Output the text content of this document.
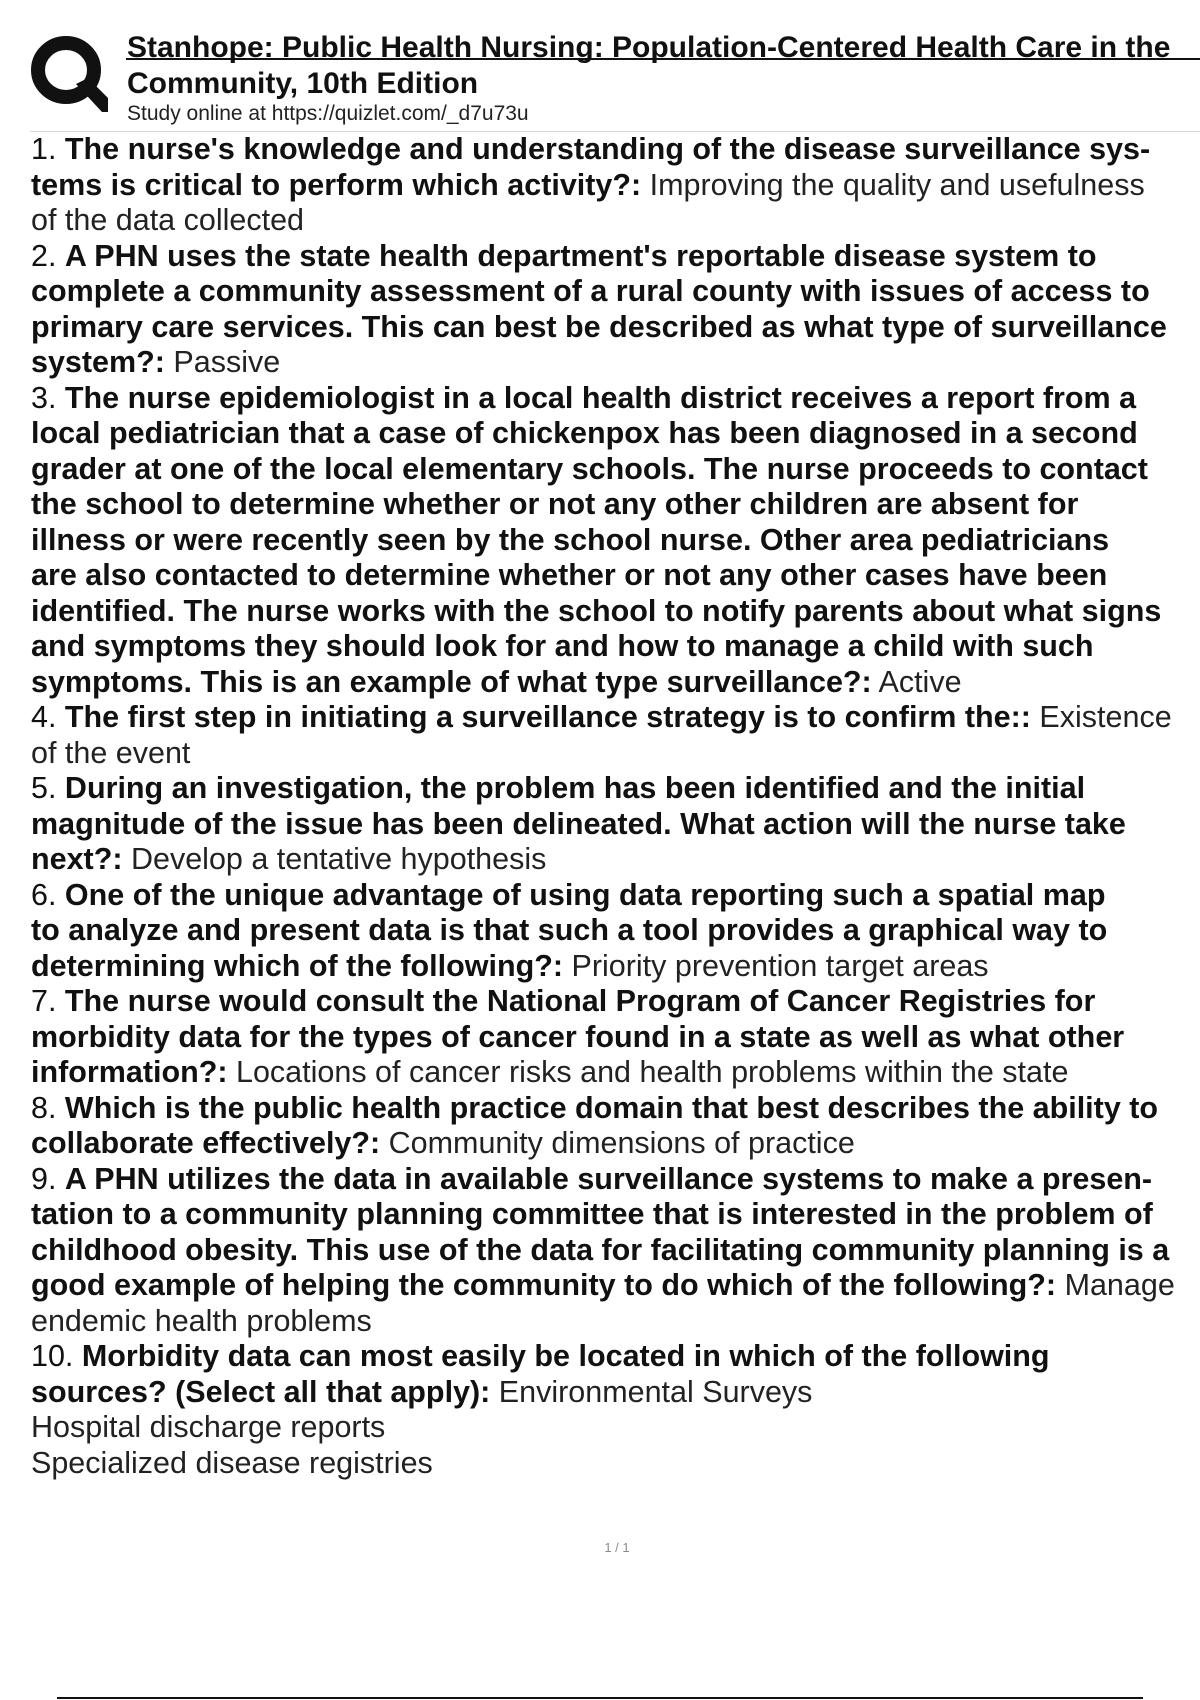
Stanhope: Public Health Nursing: Population-Centered Health Care in the
Community, 10th Edition
Study online at https://quizlet.com/_d7u73u
1. The nurse's knowledge and understanding of the disease surveillance sys-
tems is critical to perform which activity?: Improving the quality and usefulness
of the data collected
2. A PHN uses the state health department's reportable disease system to
complete a community assessment of a rural county with issues of access to
primary care services. This can best be described as what type of surveillance
system?: Passive
3. The nurse epidemiologist in a local health district receives a report from a
local pediatrician that a case of chickenpox has been diagnosed in a second
grader at one of the local elementary schools. The nurse proceeds to contact
the school to determine whether or not any other children are absent for
illness or were recently seen by the school nurse. Other area pediatricians
are also contacted to determine whether or not any other cases have been
identified. The nurse works with the school to notify parents about what signs
and symptoms they should look for and how to manage a child with such
symptoms. This is an example of what type surveillance?: Active
4. The first step in initiating a surveillance strategy is to confirm the:: Existence
of the event
5. During an investigation, the problem has been identified and the initial
magnitude of the issue has been delineated. What action will the nurse take
next?: Develop a tentative hypothesis
6. One of the unique advantage of using data reporting such a spatial map
to analyze and present data is that such a tool provides a graphical way to
determining which of the following?: Priority prevention target areas
7. The nurse would consult the National Program of Cancer Registries for
morbidity data for the types of cancer found in a state as well as what other
information?: Locations of cancer risks and health problems within the state
8. Which is the public health practice domain that best describes the ability to
collaborate effectively?: Community dimensions of practice
9. A PHN utilizes the data in available surveillance systems to make a presen-
tation to a community planning committee that is interested in the problem of
childhood obesity. This use of the data for facilitating community planning is a
good example of helping the community to do which of the following?: Manage
endemic health problems
10. Morbidity data can most easily be located in which of the following
sources? (Select all that apply): Environmental Surveys
Hospital discharge reports
Specialized disease registries
1 / 1
